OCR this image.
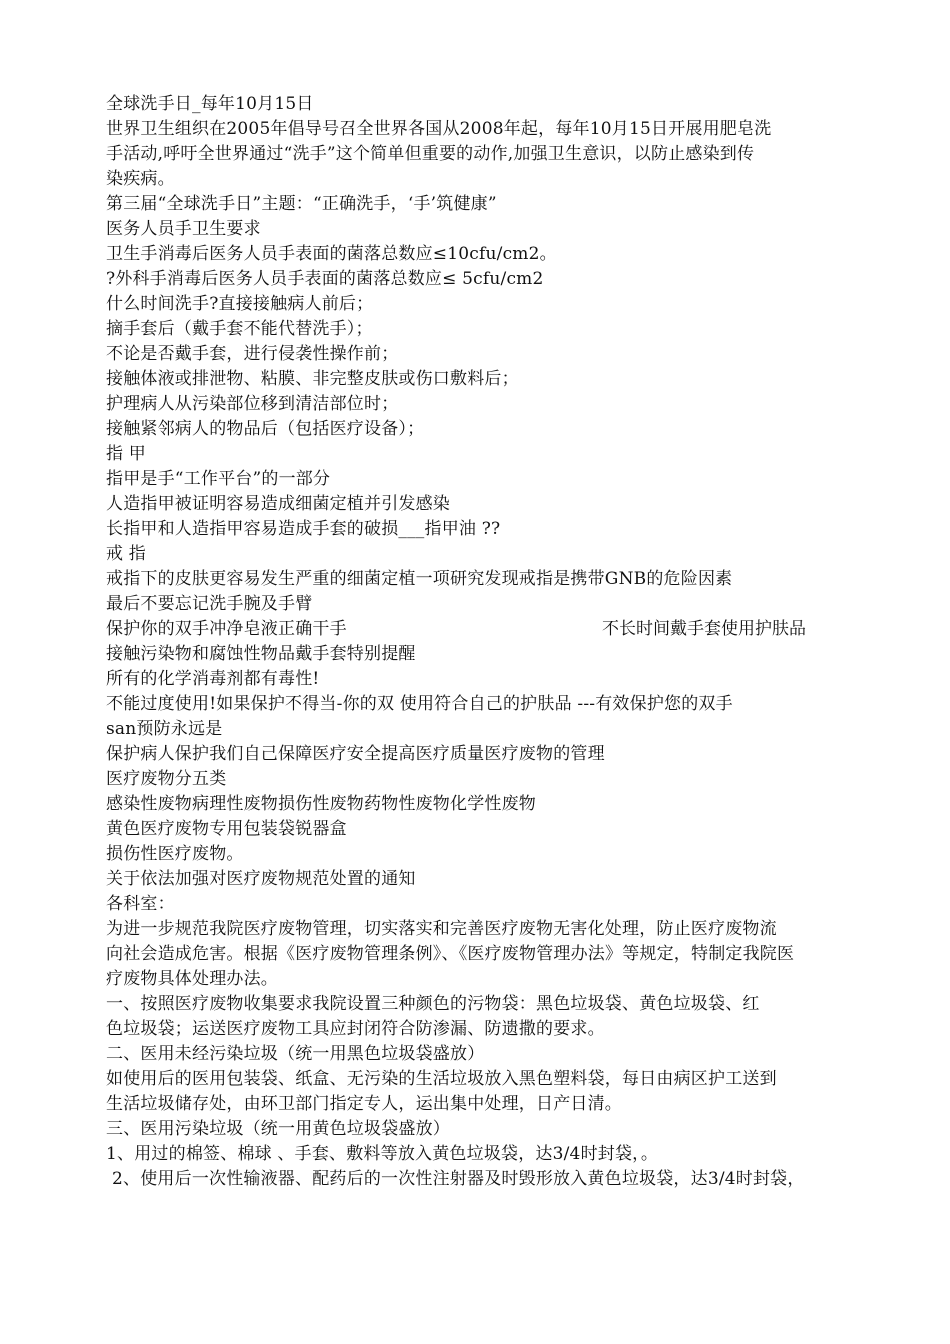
全球洗手日_每年10月15日
世界卫生组织在2005年倡导号召全世界各国从2008年起，每年10月15日开展用肥皂洗
手活动,呼吁全世界通过“洗手”这个简单但重要的动作,加强卫生意识，以防止感染到传
染疾病。
第三届“全球洗手日”主题：“正确洗手，‘手’筑健康”
医务人员手卫生要求
卫生手消毒后医务人员手表面的菌落总数应≤10cfu/cm2。
?外科手消毒后医务人员手表面的菌落总数应≤ 5cfu/cm2
什么时间洗手?直接接触病人前后；
摘手套后（戴手套不能代替洗手）；
不论是否戴手套，进行侵袭性操作前；
接触体液或排泄物、粘膜、非完整皮肤或伤口敷料后；
护理病人从污染部位移到清洁部位时；
接触紧邻病人的物品后（包括医疗设备）；
指 甲
指甲是手“工作平台”的一部分
人造指甲被证明容易造成细菌定植并引发感染
长指甲和人造指甲容易造成手套的破损___指甲油 ??
戒 指
戒指下的皮肤更容易发生严重的细菌定植一项研究发现戒指是携带GNB的危险因素
最后不要忘记洗手腕及手臂
保护你的双手冲净皂液正确干手	不长时间戴手套使用护肤品
接触污染物和腐蚀性物品戴手套特别提醒
所有的化学消毒剂都有毒性!
不能过度使用!如果保护不得当-你的双 使用符合自己的护肤品 ---有效保护您的双手
san预防永远是
保护病人保护我们自己保障医疗安全提高医疗质量医疗废物的管理
医疗废物分五类
感染性废物病理性废物损伤性废物药物性废物化学性废物
黄色医疗废物专用包装袋锐器盒
损伤性医疗废物。
关于依法加强对医疗废物规范处置的通知
各科室：
为进一步规范我院医疗废物管理，切实落实和完善医疗废物无害化处理，防止医疗废物流
向社会造成危害。根据《医疗废物管理条例》、《医疗废物管理办法》等规定，特制定我院医
疗废物具体处理办法。
一、按照医疗废物收集要求我院设置三种颜色的污物袋：黑色垃圾袋、黄色垃圾袋、红
色垃圾袋；运送医疗废物工具应封闭符合防渗漏、防遗撒的要求。
二、医用未经污染垃圾（统一用黑色垃圾袋盛放）
如使用后的医用包装袋、纸盒、无污染的生活垃圾放入黑色塑料袋，每日由病区护工送到
生活垃圾储存处，由环卫部门指定专人，运出集中处理，日产日清。
三、医用污染垃圾（统一用黄色垃圾袋盛放）
1、用过的棉签、棉球 、手套、敷料等放入黄色垃圾袋，达3/4时封袋，。
2、使用后一次性输液器、配药后的一次性注射器及时毁形放入黄色垃圾袋，达3/4时封袋，
